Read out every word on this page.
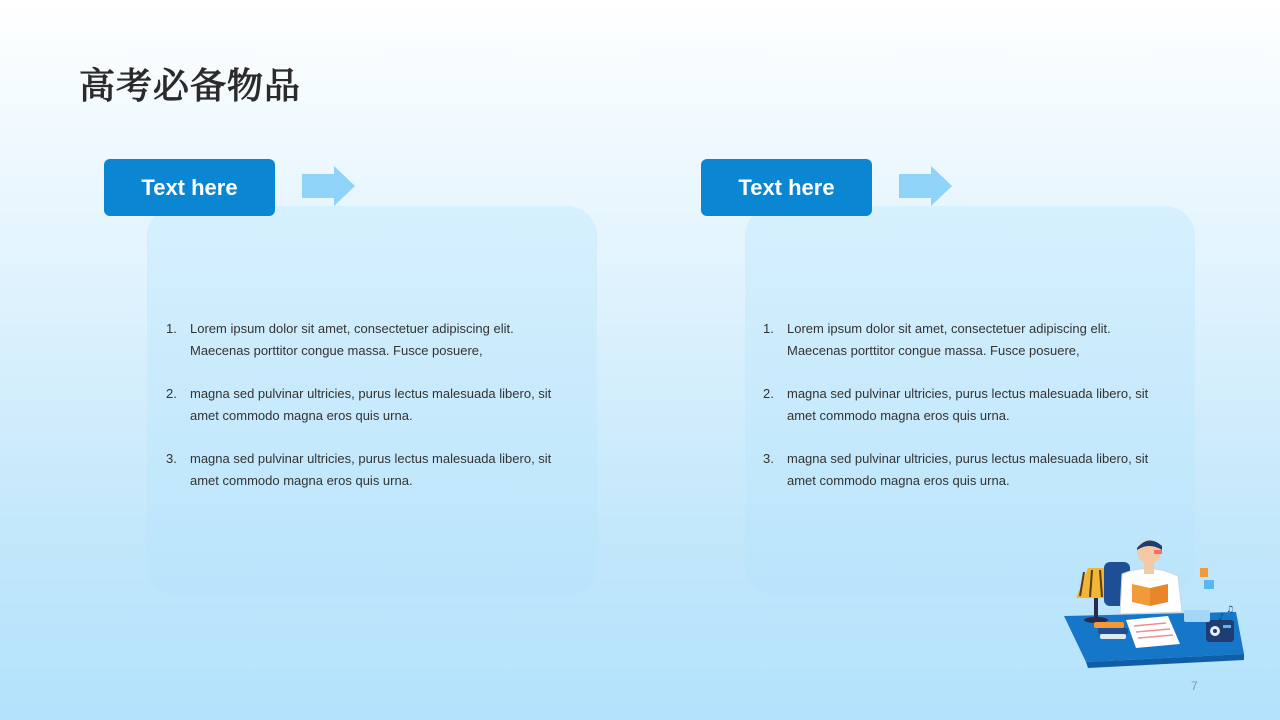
高考必备物品
Text here
1. Lorem ipsum dolor sit amet, consectetuer adipiscing elit. Maecenas porttitor congue massa. Fusce posuere,
2. magna sed pulvinar ultricies, purus lectus malesuada libero, sit amet commodo magna eros quis urna.
3. magna sed pulvinar ultricies, purus lectus malesuada libero, sit amet commodo magna eros quis urna.
Text here
1. Lorem ipsum dolor sit amet, consectetuer adipiscing elit. Maecenas porttitor congue massa. Fusce posuere,
2. magna sed pulvinar ultricies, purus lectus malesuada libero, sit amet commodo magna eros quis urna.
3. magna sed pulvinar ultricies, purus lectus malesuada libero, sit amet commodo magna eros quis urna.
♪
♫
7
